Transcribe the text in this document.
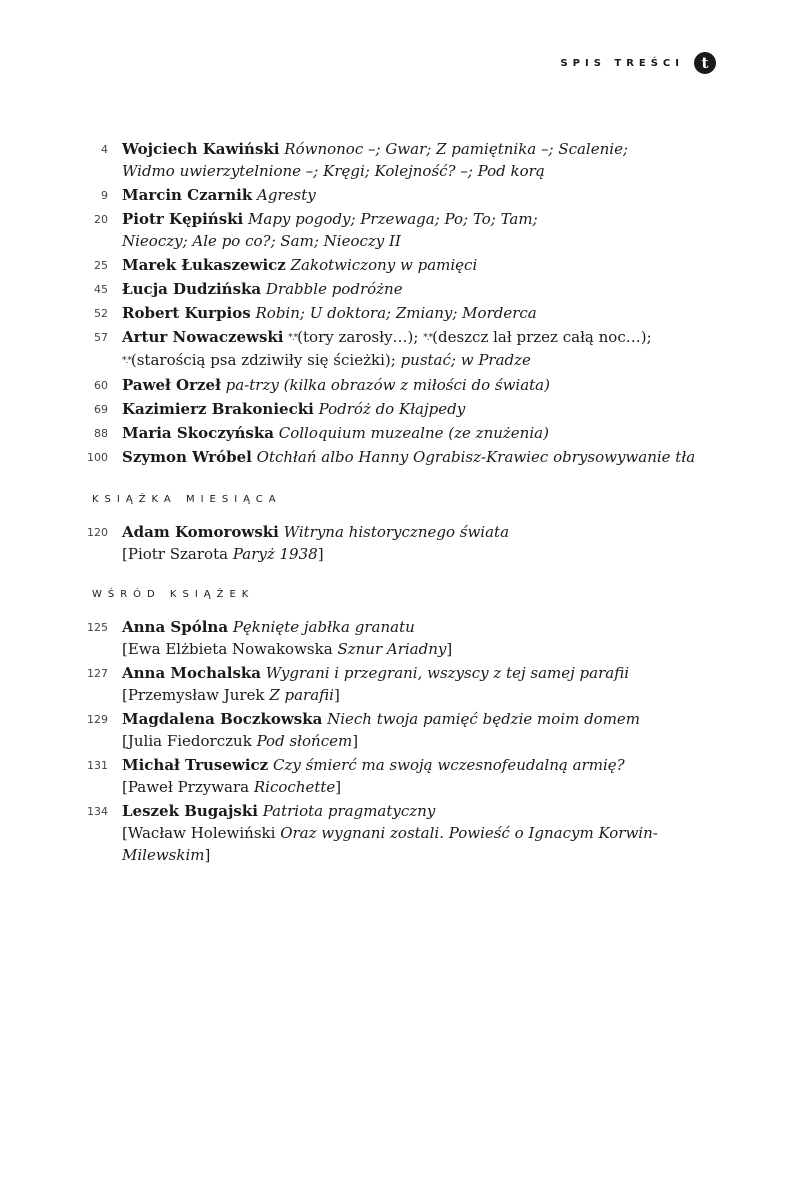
SPIS TREŚCI	t
4 Wojciech Kawiński Równonoc –; Gwar; Z pamiętnika –; Scalenie;
Widmo uwierzytelnione –; Kręgi; Kolejność? –; Pod korą
9 Marcin Czarnik Agresty
20 Piotr Kępiński Mapy pogody; Przewaga; Po; To; Tam;
Nieoczy; Ale po co?; Sam; Nieoczy II
25 Marek Łukaszewicz Zakotwiczony w pamięci
45 Łucja Dudzińska Drabble podróżne
52 Robert Kurpios Robin; U doktora; Zmiany; Morderca
57 Artur Nowaczewski *.*(tory zarosły…); *.*(deszcz lał przez całą noc…);
*.*(starością psa zdziwiły się ścieżki); pustać; w Pradze
60 Paweł Orzeł pa-trzy (kilka obrazów z miłości do świata)
69 Kazimierz Brakoniecki Podróż do Kłajpedy
88 Maria Skoczyńska Colloquium muzealne (ze znużenia)
100 Szymon Wróbel Otchłań albo Hanny Ograbisz-Krawiec obrysowywanie tła
KSIĄŻKA MIESIĄCA
120 Adam Komorowski Witryna historycznego świata
[Piotr Szarota Paryż 1938]
WŚRÓD KSIĄŻEK
125 Anna Spólna Pęknięte jabłka granatu
[Ewa Elżbieta Nowakowska Sznur Ariadny]
127 Anna Mochalska Wygrani i przegrani, wszyscy z tej samej parafii
[Przemysław Jurek Z parafii]
129 Magdalena Boczkowska Niech twoja pamięć będzie moim domem
[Julia Fiedorczuk Pod słońcem]
131 Michał Trusewicz Czy śmierć ma swoją wczesnofeudalną armię?
[Paweł Przywara Ricochette]
134 Leszek Bugajski Patriota pragmatyczny
[Wacław Holewiński Oraz wygnani zostali. Powieść o Ignacym Korwin-Milewskim]
